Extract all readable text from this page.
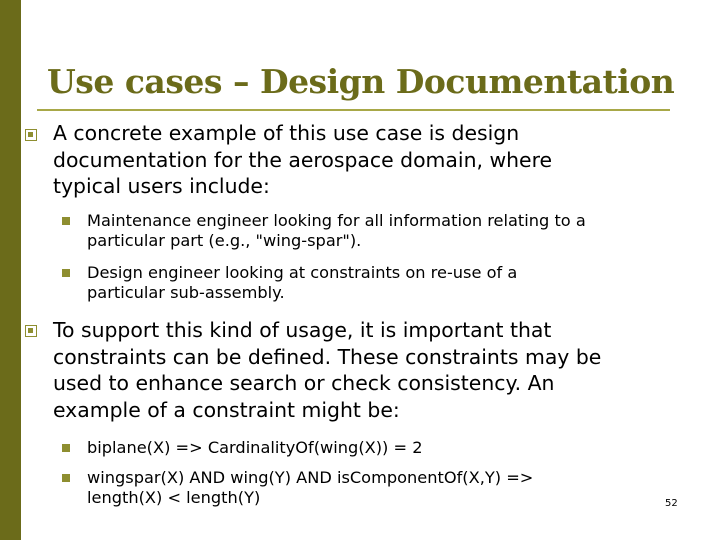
Use cases – Design Documentation
A concrete example of this use case is design
documentation for the aerospace domain, where
typical users include:
Maintenance engineer looking for all information relating to a
particular part (e.g., "wing-spar").
Design engineer looking at constraints on re-use of a
particular sub-assembly.
To support this kind of usage, it is important that
constraints can be defined. These constraints may be
used to enhance search or check consistency. An
example of a constraint might be:
biplane(X) => CardinalityOf(wing(X)) = 2
wingspar(X) AND wing(Y) AND isComponentOf(X,Y) =>
length(X) < length(Y)	52
